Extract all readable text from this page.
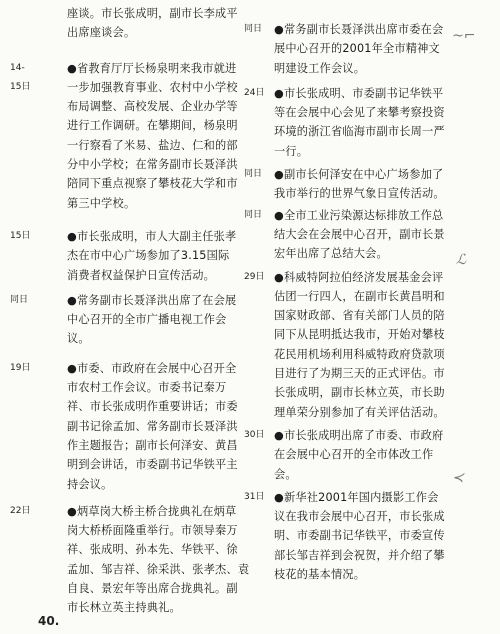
座谈。市长张成明，副市长李成平
出席座谈会。
14-15日
●省教育厅厅长杨泉明来我市就进
一步加强教育事业、农村中小学校
布局调整、高校发展、企业办学等
进行工作调研。在攀期间，杨泉明
一行察看了米易、盐边、仁和的部
分中小学校；在常务副市长聂泽洪
陪同下重点视察了攀枝花大学和市
第三中学校。
15日	●市长张成明，市人大副主任张孝
杰在市中心广场参加了3.15国际
消费者权益保护日宣传活动。
同日	●常务副市长聂泽洪出席了在会展
中心召开的全市广播电视工作会
议。
19日	●市委、市政府在会展中心召开全
市农村工作会议。市委书记秦万
祥、市长张成明作重要讲话；市委
副书记徐孟加、常务副市长聂泽洪
作主题报告；副市长何泽安、黄昌
明到会讲话，市委副书记华铁平主
持会议。
22日	●炳草岗大桥主桥合拢典礼在炳草
岗大桥桥面隆重举行。市领导秦万
祥、张成明、孙本先、华铁平、徐
孟加、邹吉祥、徐采洪、张孝杰、袁
自良、景宏年等出席合拢典礼。副
市长林立英主持典礼。
同日	●常务副市长聂泽洪出席市委在会
展中心召开的2001年全市精神文
明建设工作会议。
24日 ●市长张成明、市委副书记华铁平
等在会展中心会见了来攀考察投资
环境的浙江省临海市副市长周一严
一行。
同日	●副市长何泽安在中心广场参加了
我市举行的世界气象日宣传活动。
同日	●全市工业污染源达标排放工作总
结大会在会展中心召开，副市长景
宏年出席了总结大会。
29日 ●科威特阿拉伯经济发展基金会评
估团一行四人，在副市长黄昌明和
国家财政部、省有关部门人员的陪
同下从昆明抵达我市，开始对攀枝
花民用机场利用科威特政府贷款项
目进行了为期三天的正式评估。市
长张成明，副市长林立英，市长助
理单荣分别参加了有关评估活动。
30日 ●市长张成明出席了市委、市政府
在会展中心召开的全市体改工作
会。
31日 ●新华社2001年国内摄影工作会
议在我市会展中心召开，市长张成
明、市委副书记华铁平，市委宣传
部长邹吉祥到会祝贺，并介绍了攀
枝花的基本情况。
~⌐
ℒ
≺
40.
